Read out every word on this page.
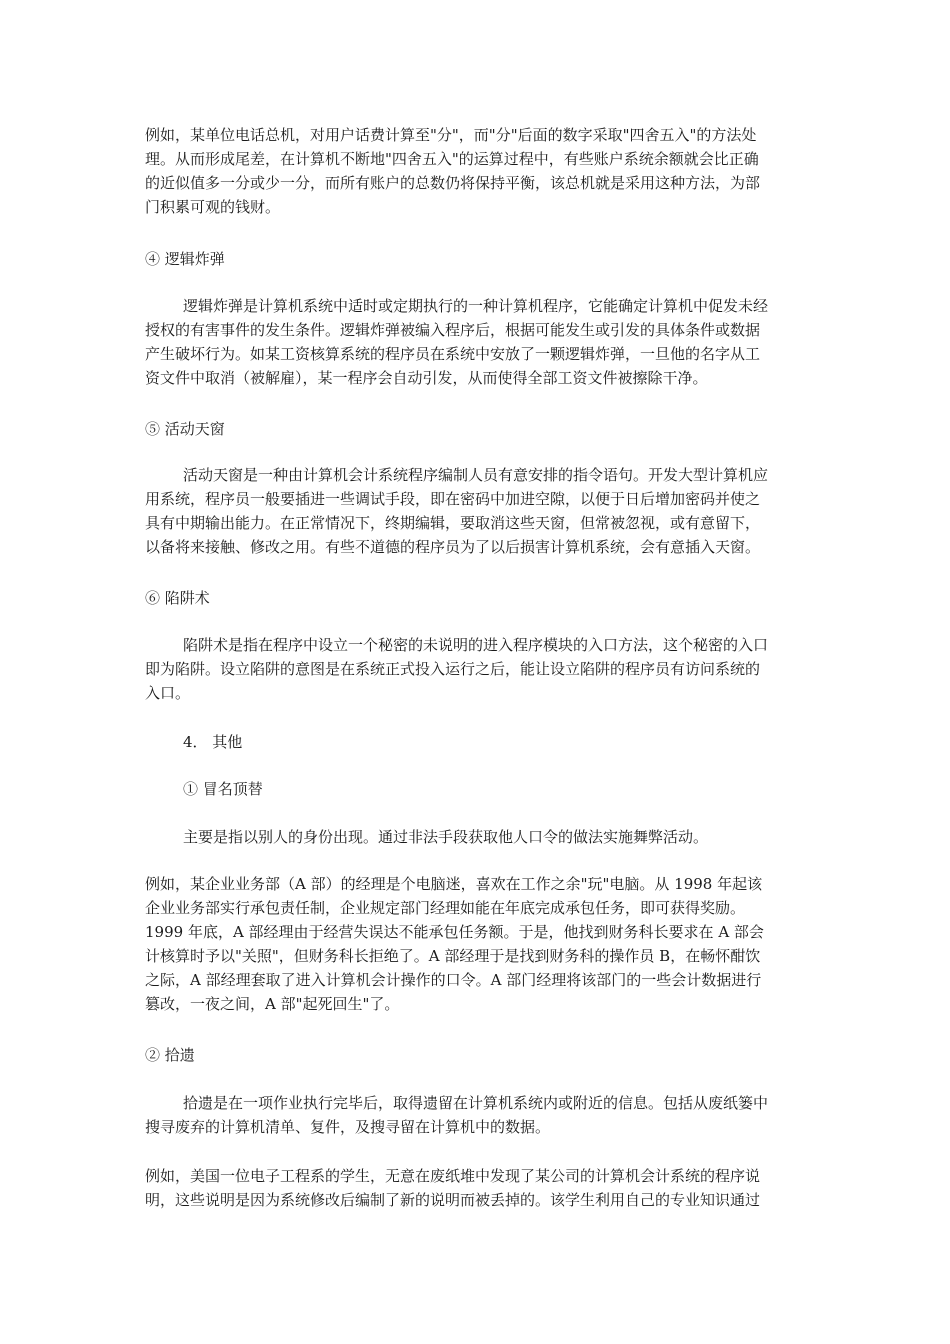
例如，某单位电话总机，对用户话费计算至"分"，而"分"后面的数字采取"四舍五入"的方法处
理。从而形成尾差，在计算机不断地"四舍五入"的运算过程中，有些账户系统余额就会比正确
的近似值多一分或少一分，而所有账户的总数仍将保持平衡，该总机就是采用这种方法，为部
门积累可观的钱财。
④ 逻辑炸弹
逻辑炸弹是计算机系统中适时或定期执行的一种计算机程序，它能确定计算机中促发未经
授权的有害事件的发生条件。逻辑炸弹被编入程序后，根据可能发生或引发的具体条件或数据
产生破坏行为。如某工资核算系统的程序员在系统中安放了一颗逻辑炸弹，一旦他的名字从工
资文件中取消（被解雇），某一程序会自动引发，从而使得全部工资文件被擦除干净。
⑤ 活动天窗
活动天窗是一种由计算机会计系统程序编制人员有意安排的指令语句。开发大型计算机应
用系统，程序员一般要插进一些调试手段，即在密码中加进空隙，以便于日后增加密码并使之
具有中期输出能力。在正常情况下，终期编辑，要取消这些天窗，但常被忽视，或有意留下，
以备将来接触、修改之用。有些不道德的程序员为了以后损害计算机系统，会有意插入天窗。
⑥ 陷阱术
陷阱术是指在程序中设立一个秘密的未说明的进入程序模块的入口方法，这个秘密的入口
即为陷阱。设立陷阱的意图是在系统正式投入运行之后，能让设立陷阱的程序员有访问系统的
入口。
4． 其他
① 冒名顶替
主要是指以别人的身份出现。通过非法手段获取他人口令的做法实施舞弊活动。
例如，某企业业务部（A 部）的经理是个电脑迷，喜欢在工作之余"玩"电脑。从 1998 年起该
企业业务部实行承包责任制，企业规定部门经理如能在年底完成承包任务，即可获得奖励。
1999 年底，A 部经理由于经营失误达不能承包任务额。于是，他找到财务科长要求在 A 部会
计核算时予以"关照"，但财务科长拒绝了。A 部经理于是找到财务科的操作员 B，在畅怀酣饮
之际，A 部经理套取了进入计算机会计操作的口令。A 部门经理将该部门的一些会计数据进行
篡改，一夜之间，A 部"起死回生"了。
② 拾遗
拾遗是在一项作业执行完毕后，取得遗留在计算机系统内或附近的信息。包括从废纸篓中
搜寻废弃的计算机清单、复件，及搜寻留在计算机中的数据。
例如，美国一位电子工程系的学生，无意在废纸堆中发现了某公司的计算机会计系统的程序说
明，这些说明是因为系统修改后编制了新的说明而被丢掉的。该学生利用自己的专业知识通过
